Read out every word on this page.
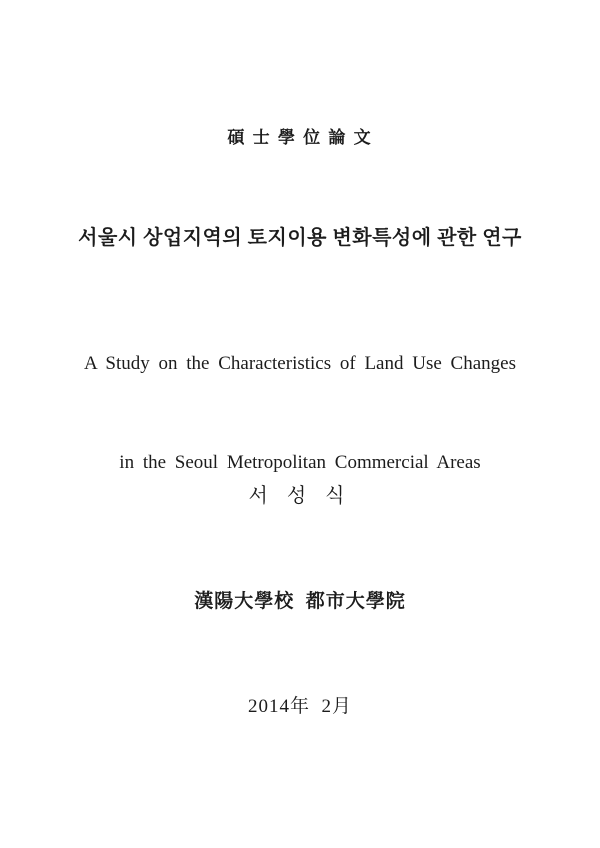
碩 士 學 位 論 文

서울시 상업지역의 토지이용 변화특성에 관한 연구

A Study on the Characteristics of Land Use Changes

in the Seoul Metropolitan Commercial Areas

서 성 식

漢陽大學校  都市大學院

2014年  2月
